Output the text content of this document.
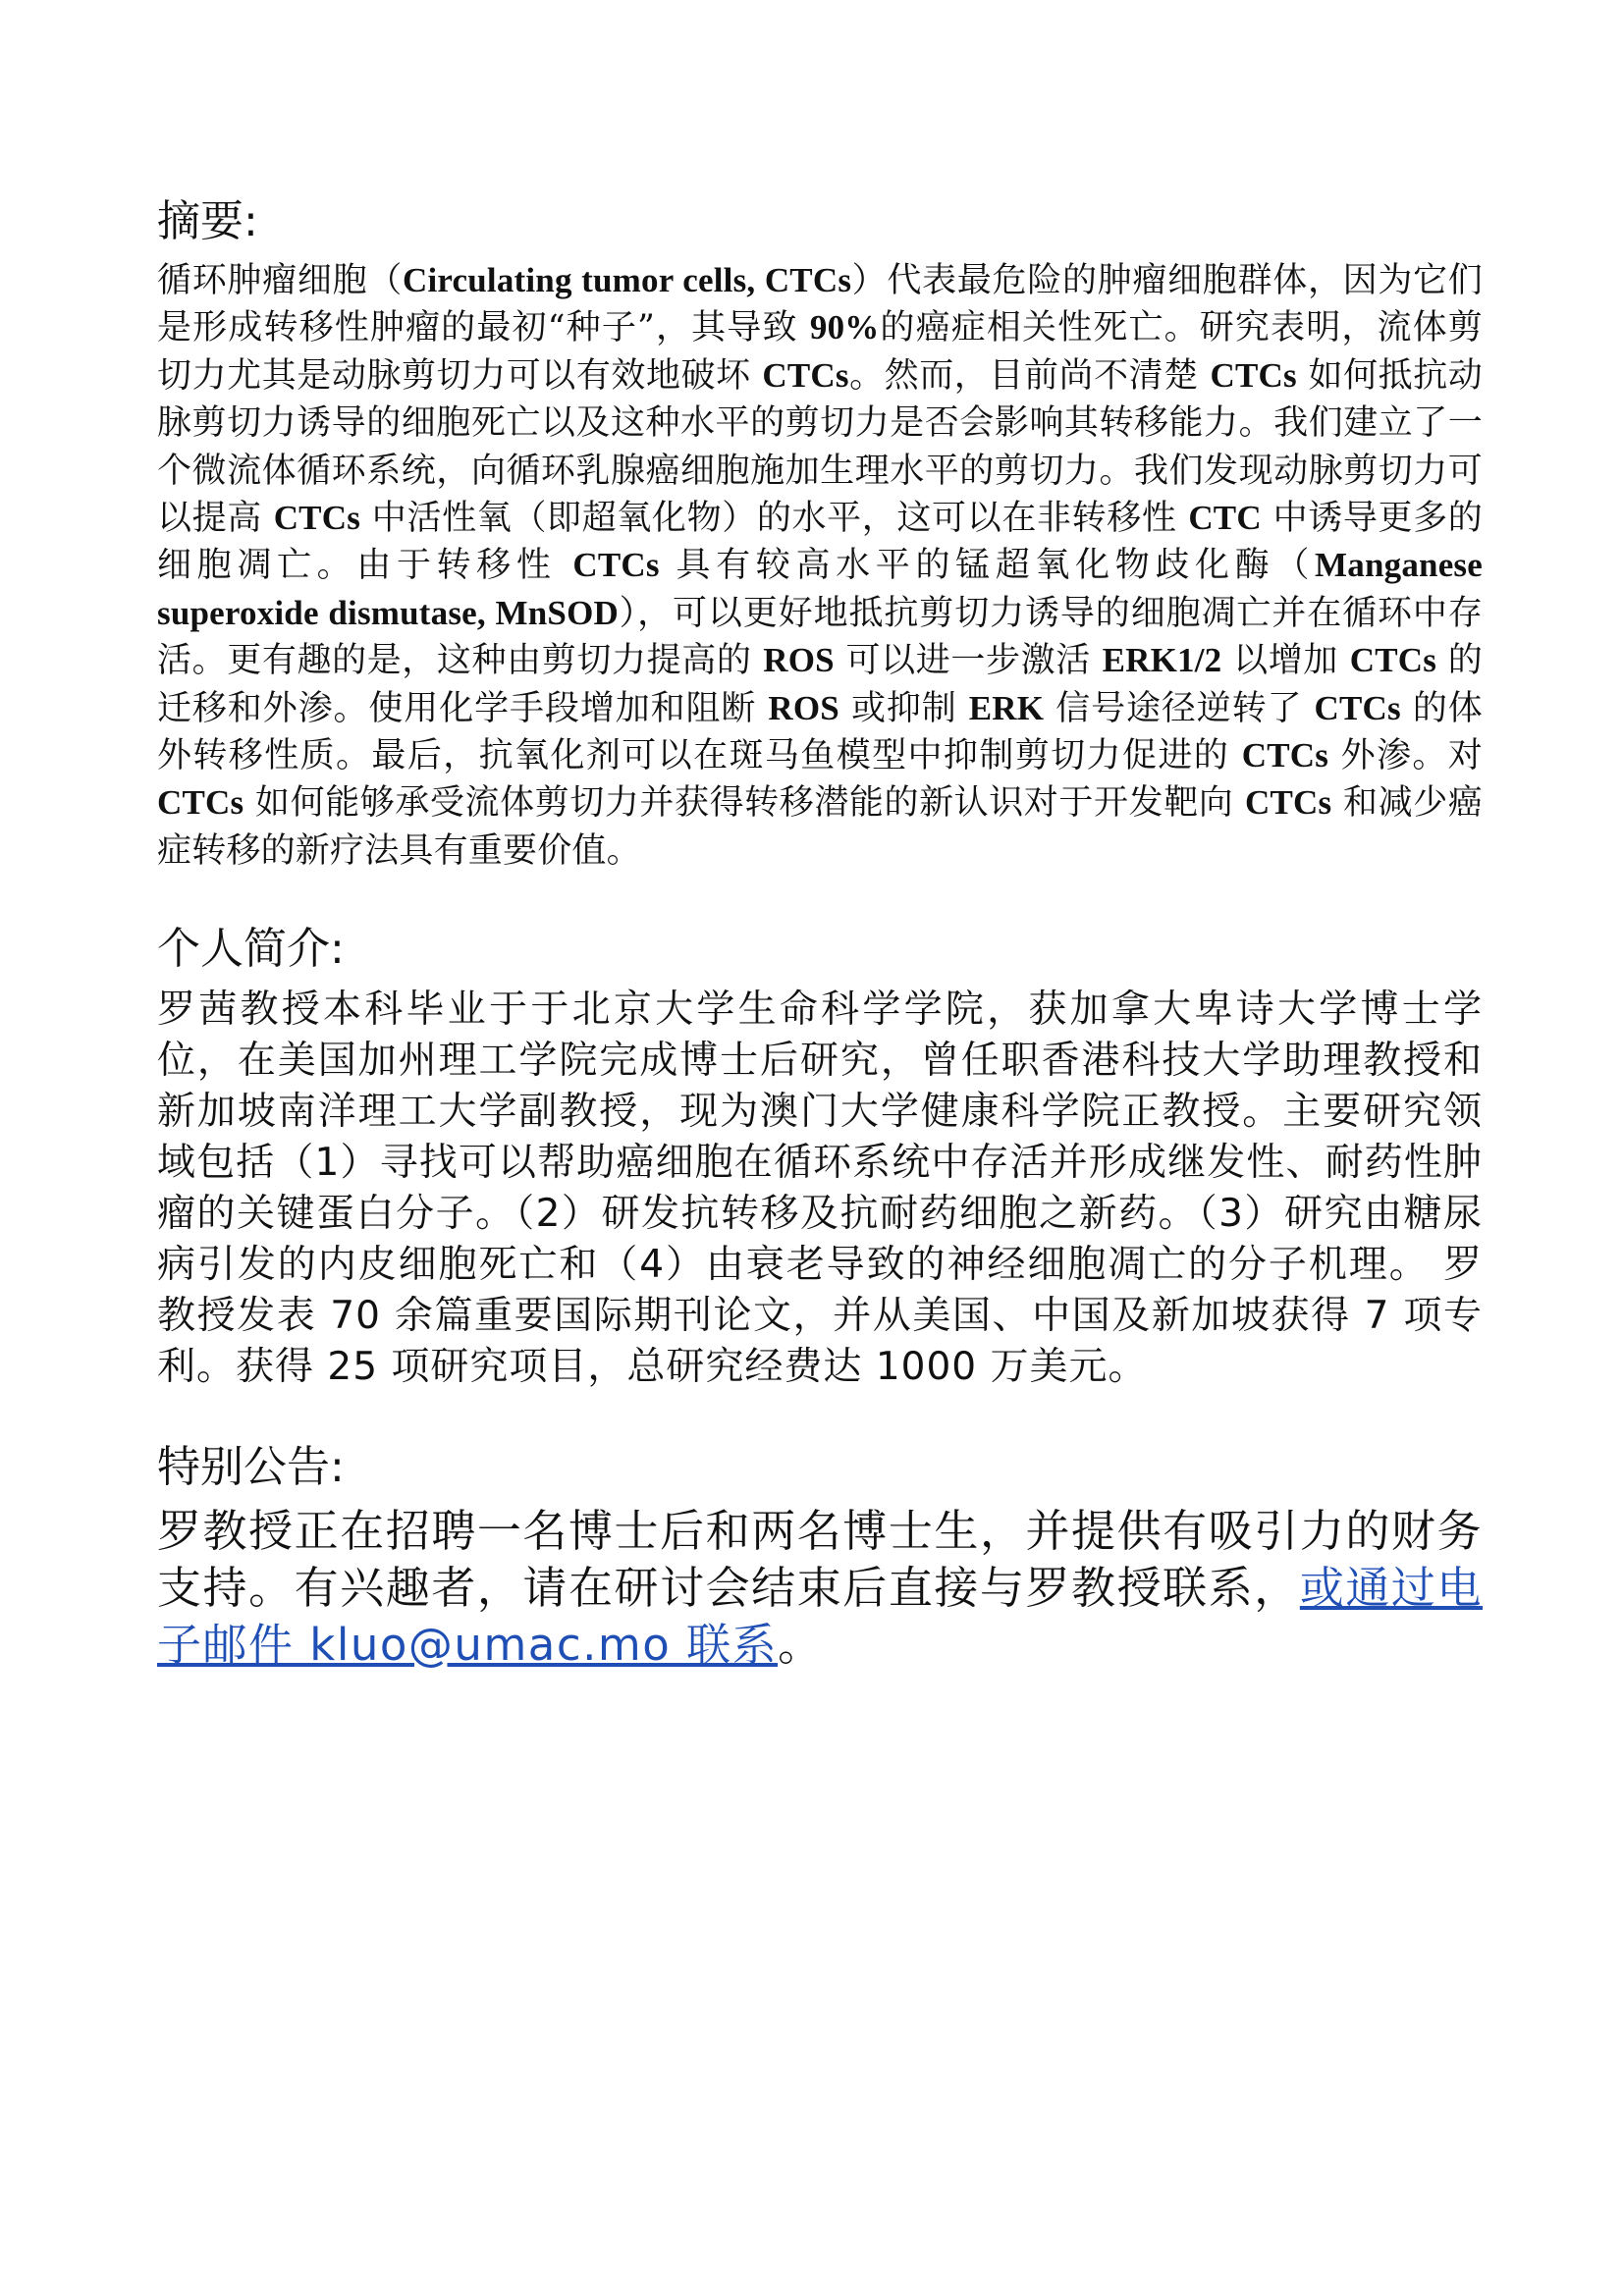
摘要:

循环肿瘤细胞（Circulating tumor cells, CTCs）代表最危险的肿瘤细胞群体，因为它们是形成转移性肿瘤的最初“种子”，其导致 90%的癌症相关性死亡。研究表明，流体剪切力尤其是动脉剪切力可以有效地破坏 CTCs。然而，目前尚不清楚 CTCs 如何抵抗动脉剪切力诱导的细胞死亡以及这种水平的剪切力是否会影响其转移能力。我们建立了一个微流体循环系统，向循环乳腺癌细胞施加生理水平的剪切力。我们发现动脉剪切力可以提高 CTCs 中活性氧（即超氧化物）的水平，这可以在非转移性 CTC 中诱导更多的细胞凋亡。由于转移性 CTCs 具有较高水平的锰超氧化物歧化酶（Manganese superoxide dismutase, MnSOD），可以更好地抵抗剪切力诱导的细胞凋亡并在循环中存活。更有趣的是，这种由剪切力提高的 ROS 可以进一步激活 ERK1/2 以增加 CTCs 的迁移和外渗。使用化学手段增加和阻断 ROS 或抑制 ERK 信号途径逆转了 CTCs 的体外转移性质。最后，抗氧化剂可以在斑马鱼模型中抑制剪切力促进的 CTCs 外渗。对 CTCs 如何能够承受流体剪切力并获得转移潜能的新认识对于开发靶向 CTCs 和减少癌症转移的新疗法具有重要价值。

个人简介:

罗茜教授本科毕业于于北京大学生命科学学院，获加拿大卑诗大学博士学位，在美国加州理工学院完成博士后研究，曾任职香港科技大学助理教授和新加坡南洋理工大学副教授，现为澳门大学健康科学院正教授。主要研究领域包括（1）寻找可以帮助癌细胞在循环系统中存活并形成继发性、耐药性肿瘤的关键蛋白分子。（2）研发抗转移及抗耐药细胞之新药。（3）研究由糖尿病引发的内皮细胞死亡和（4）由衰老导致的神经细胞凋亡的分子机理。 罗教授发表 70 余篇重要国际期刊论文，并从美国、中国及新加坡获得 7 项专利。获得 25 项研究项目，总研究经费达 1000 万美元。

特别公告:

罗教授正在招聘一名博士后和两名博士生，并提供有吸引力的财务支持。有兴趣者，请在研讨会结束后直接与罗教授联系，或通过电子邮件 kluo@umac.mo 联系。
